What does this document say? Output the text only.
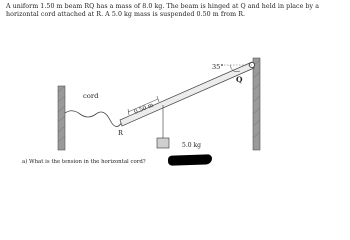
A uniform 1.50 m beam RQ has a mass of 8.0 kg. The beam is hinged at Q and held in place by a
horizontal cord attached at R. A 5.0 kg mass is suspended 0.50 m from R.
35°
Q
R
cord
0.50 m
5.0 kg
a) What is the tension in the horizontal cord?
